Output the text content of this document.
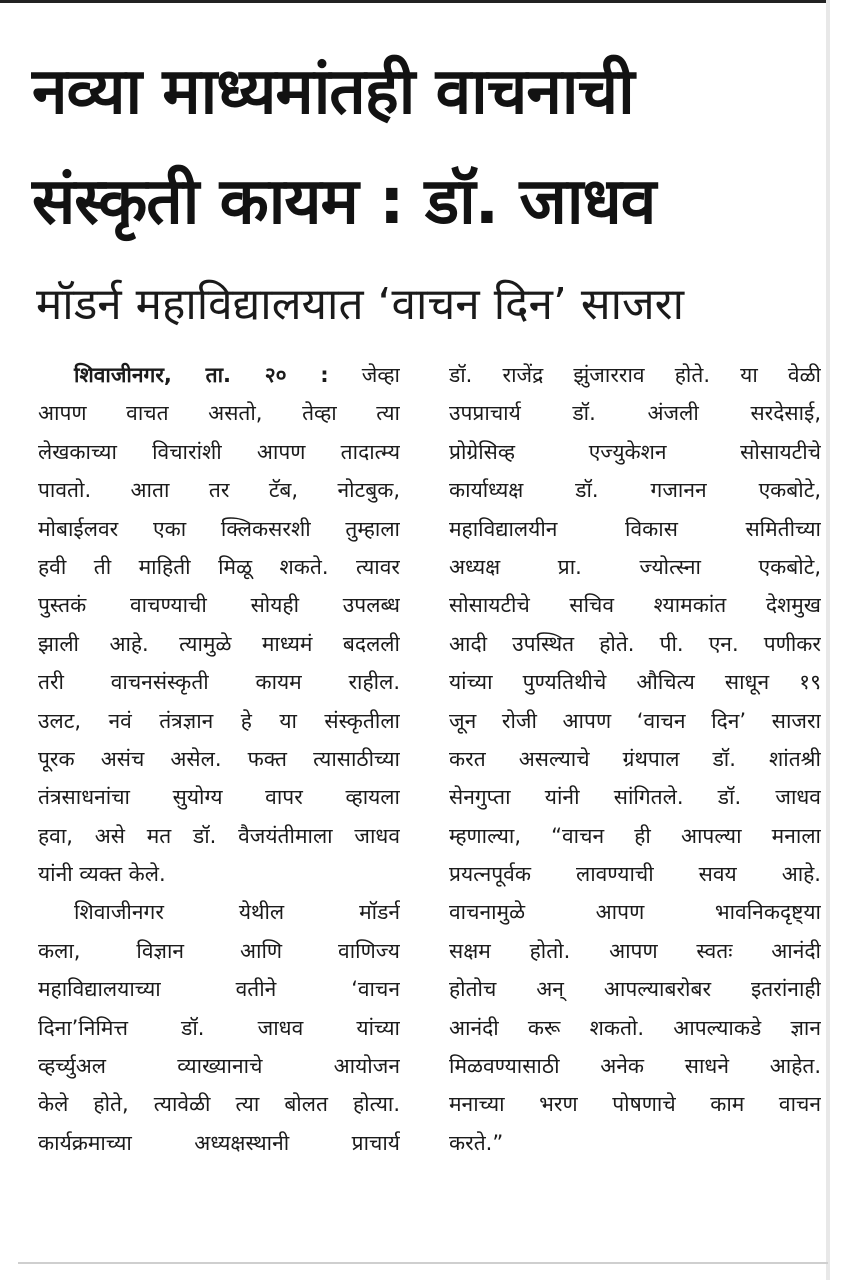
नव्या माध्यमांतही वाचनाची
संस्कृती कायम : डॉ. जाधव
मॉडर्न महाविद्यालयात ‘वाचन दिन’ साजरा
शिवाजीनगर, ता. २० : जेव्हा
आपण वाचत असतो, तेव्हा त्या
लेखकाच्या विचारांशी आपण तादात्म्य
पावतो. आता तर टॅब, नोटबुक,
मोबाईलवर एका क्लिकसरशी तुम्हाला
हवी ती माहिती मिळू शकते. त्यावर
पुस्तकं वाचण्याची सोयही उपलब्ध
झाली आहे. त्यामुळे माध्यमं बदलली
तरी वाचनसंस्कृती कायम राहील.
उलट, नवं तंत्रज्ञान हे या संस्कृतीला
पूरक असंच असेल. फक्त त्यासाठीच्या
तंत्रसाधनांचा सुयोग्य वापर व्हायला
हवा, असे मत डॉ. वैजयंतीमाला जाधव
यांनी व्यक्त केले.
शिवाजीनगर येथील मॉडर्न
कला, विज्ञान आणि वाणिज्य
महाविद्यालयाच्या वतीने ‘वाचन
दिना’निमित्त डॉ. जाधव यांच्या
व्हर्च्युअल व्याख्यानाचे आयोजन
केले होते, त्यावेळी त्या बोलत होत्या.
कार्यक्रमाच्या अध्यक्षस्थानी प्राचार्य
डॉ. राजेंद्र झुंजारराव होते. या वेळी
उपप्राचार्य डॉ. अंजली सरदेसाई,
प्रोग्रेसिव्ह एज्युकेशन सोसायटीचे
कार्याध्यक्ष डॉ. गजानन एकबोटे,
महाविद्यालयीन विकास समितीच्या
अध्यक्ष प्रा. ज्योत्स्ना एकबोटे,
सोसायटीचे सचिव श्यामकांत देशमुख
आदी उपस्थित होते. पी. एन. पणीकर
यांच्या पुण्यतिथीचे औचित्य साधून १९
जून रोजी आपण ‘वाचन दिन’ साजरा
करत असल्याचे ग्रंथपाल डॉ. शांतश्री
सेनगुप्ता यांनी सांगितले. डॉ. जाधव
म्हणाल्या, “वाचन ही आपल्या मनाला
प्रयत्नपूर्वक लावण्याची सवय आहे.
वाचनामुळे आपण भावनिकदृष्ट्या
सक्षम होतो. आपण स्वतः आनंदी
होतोच अन् आपल्याबरोबर इतरांनाही
आनंदी करू शकतो. आपल्याकडे ज्ञान
मिळवण्यासाठी अनेक साधने आहेत.
मनाच्या भरण पोषणाचे काम वाचन
करते.”
